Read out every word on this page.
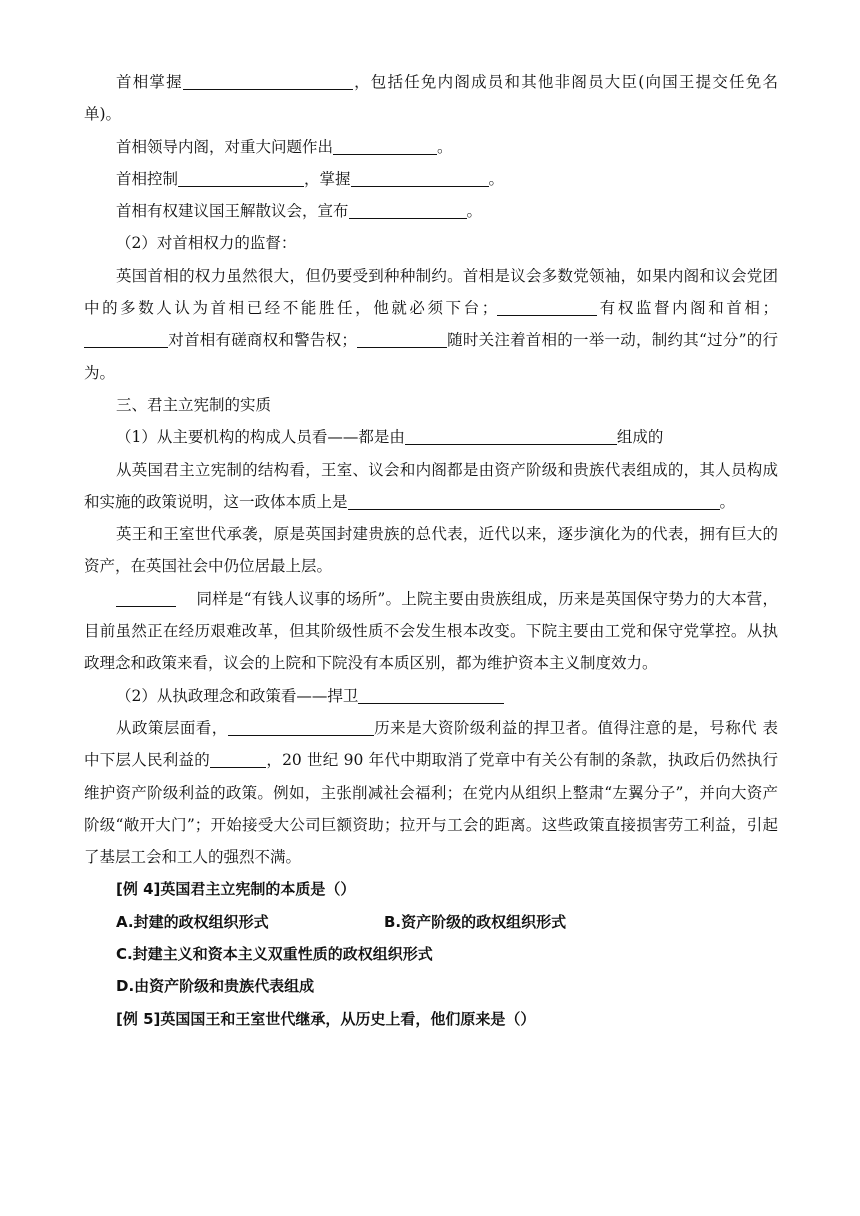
首相掌握	，包括任免内阁成员和其他非阁员大臣(向国王提交任免名单)。

首相领导内阁，对重大问题作出	。

首相控制	，掌握	。

首相有权建议国王解散议会，宣布	。

（2）对首相权力的监督：

英国首相的权力虽然很大，但仍要受到种种制约。首相是议会多数党领袖，如果内阁和议会党团中的多数人认为首相已经不能胜任，他就必须下台；	有权监督内阁和首相；对首相有磋商权和警告权；	随时关注着首相的一举一动，制约其“过分”的行为。

三、君主立宪制的实质

（1）从主要机构的构成人员看——都是由	组成的

从英国君主立宪制的结构看，王室、议会和内阁都是由资产阶级和贵族代表组成的，其人员构成和实施的政策说明，这一政体本质上是	。

英王和王室世代承袭，原是英国封建贵族的总代表，近代以来，逐步演化为的代表，拥有巨大的资产，在英国社会中仍位居最上层。

同样是“有钱人议事的场所”。上院主要由贵族组成，历来是英国保守势力的大本营，目前虽然正在经历艰难改革，但其阶级性质不会发生根本改变。下院主要由工党和保守党掌控。从执政理念和政策来看，议会的上院和下院没有本质区别，都为维护资本主义制度效力。

（2）从执政理念和政策看——捍卫

从政策层面看，	历来是大资阶级利益的捍卫者。值得注意的是，号称代 表中下层人民利益的	，20 世纪 90 年代中期取消了党章中有关公有制的条款，执政后仍然执行维护资产阶级利益的政策。例如，主张削减社会福利；在党内从组织上整肃“左翼分子”，并向大资产阶级“敞开大门”；开始接受大公司巨额资助；拉开与工会的距离。这些政策直接损害劳工利益，引起了基层工会和工人的强烈不满。

[例 4]英国君主立宪制的本质是（）

A.封建的政权组织形式	B.资产阶级的政权组织形式

C.封建主义和资本主义双重性质的政权组织形式

D.由资产阶级和贵族代表组成

[例 5]英国国王和王室世代继承，从历史上看，他们原来是（）
